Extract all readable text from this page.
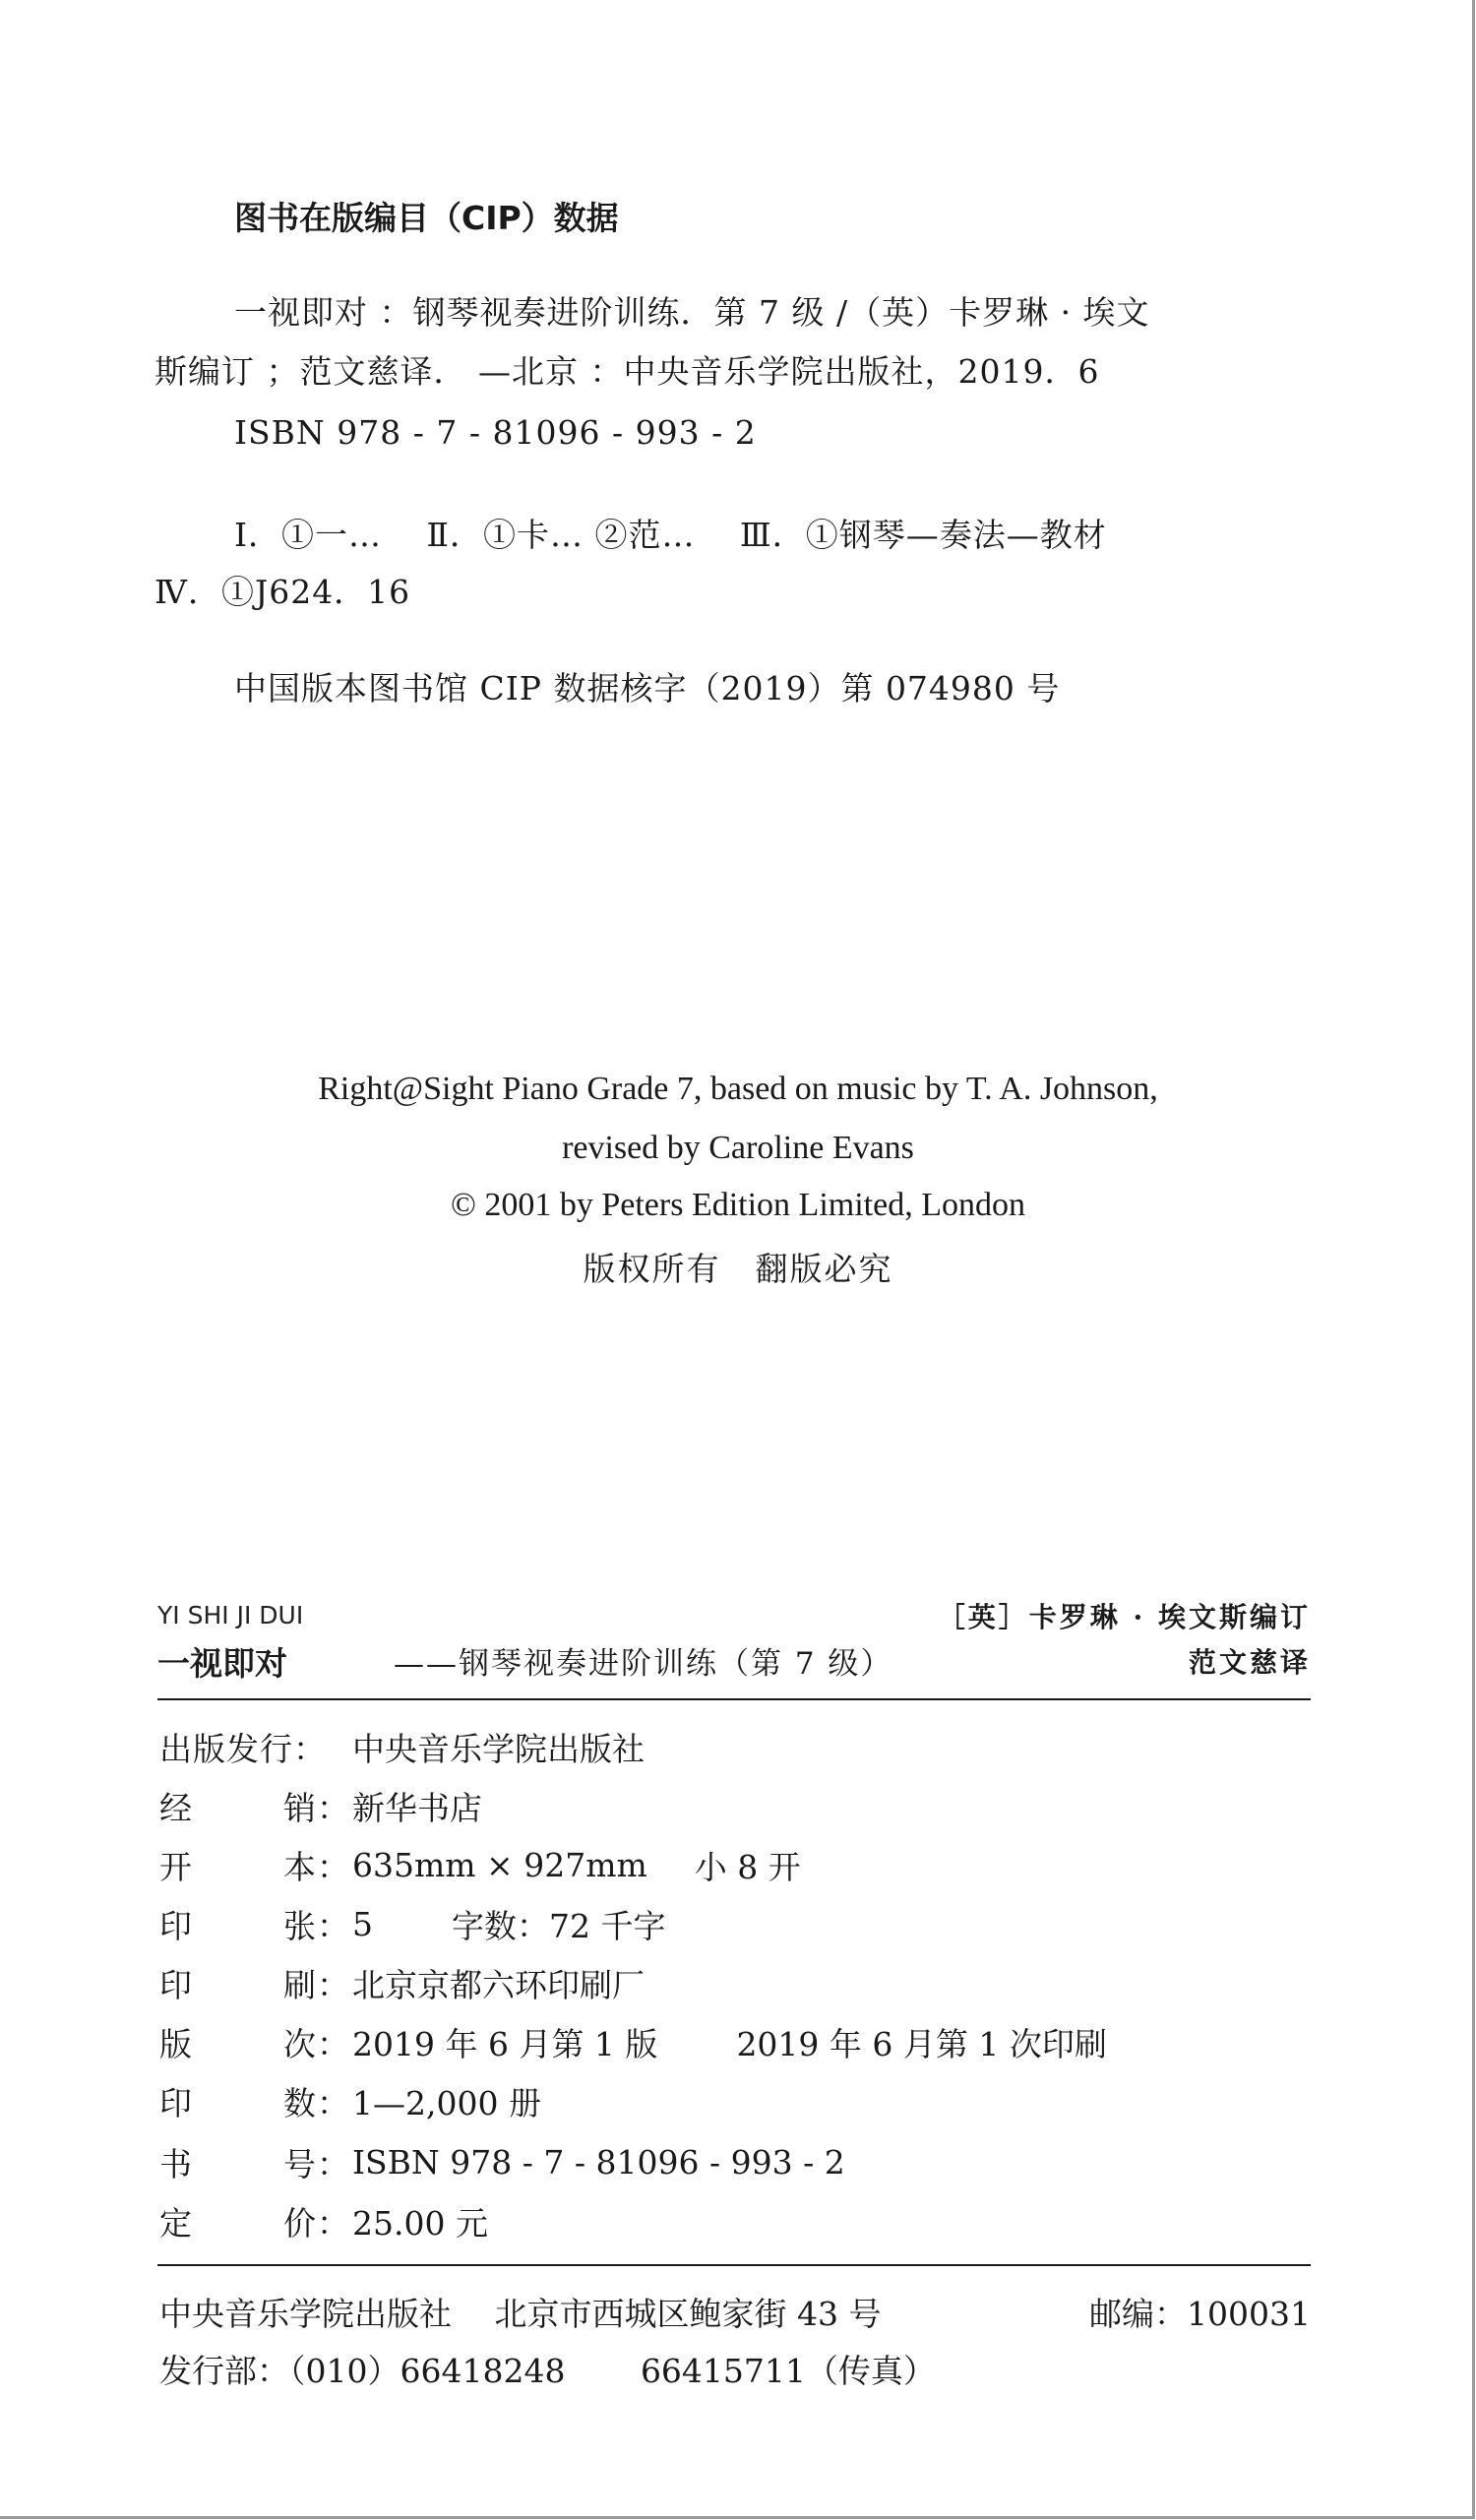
图书在版编目（CIP）数据
一视即对 ：钢琴视奏进阶训练．第 7 级 /（英）卡罗琳 · 埃文
斯编订 ；范文慈译． —北京 ：中央音乐学院出版社，2019．6
ISBN 978 - 7 - 81096 - 993 - 2
Ⅰ．①一…　 Ⅱ．①卡… ②范…　 Ⅲ．①钢琴—奏法—教材
Ⅳ．①J624．16
中国版本图书馆 CIP 数据核字（2019）第 074980 号
Right@Sight Piano Grade 7, based on music by T. A. Johnson,
revised by Caroline Evans
© 2001 by Peters Edition Limited, London
版权所有　翻版必究
YI SHI JI DUI
一视即对	——钢琴视奏进阶训练（第 7 级）
［英］卡罗琳 · 埃文斯编订
范文慈译
出版发行： 中央音乐学院出版社
经	销 ： 新华书店
开	本 ： 635mm × 927mm 小 8 开
印	张 ： 5 字数：72 千字
印	刷 ： 北京京都六环印刷厂
版	次 ： 2019 年 6 月第 1 版 2019 年 6 月第 1 次印刷
印	数 ： 1—2,000 册
书	号 ： ISBN 978 - 7 - 81096 - 993 - 2
定	价 ： 25.00 元
中央音乐学院出版社　 北京市西城区鲍家街 43 号	邮编：100031
发行部：（010）66418248　　 66415711（传真）
